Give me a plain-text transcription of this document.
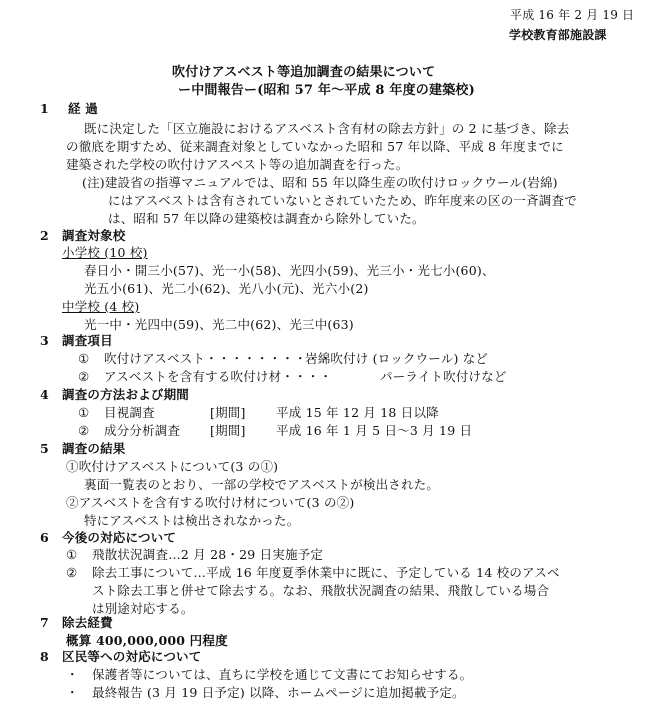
平成 16 年 2 月 19 日
学校教育部施設課
吹付けアスベスト等追加調査の結果について
ー中間報告ー(昭和 57 年～平成 8 年度の建築校)
1 経 過
既に決定した「区立施設におけるアスベスト含有材の除去方針」の 2 に基づき、除去
の徹底を期すため、従来調査対象としていなかった昭和 57 年以降、平成 8 年度までに
建築された学校の吹付けアスベスト等の追加調査を行った。
(注)建設省の指導マニュアルでは、昭和 55 年以降生産の吹付けロックウール(岩綿)
にはアスベストは含有されていないとされていたため、昨年度来の区の一斉調査で
は、昭和 57 年以降の建築校は調査から除外していた。
2 調査対象校
小学校 (10 校)
春日小・開三小(57)、光一小(58)、光四小(59)、光三小・光七小(60)、
光五小(61)、光二小(62)、光八小(元)、光六小(2)
中学校 (4 校)
光一中・光四中(59)、光二中(62)、光三中(63)
3 調査項目
① 吹付けアスベスト・・・・・・・・・・
岩綿吹付け (ロックウール) など
② アスベストを含有する吹付け材・・・・	パーライト吹付けなど
4 調査の方法および期間
① 目視調査	[期間] 平成 15 年 12 月 18 日以降
② 成分分析調査 [期間] 平成 16 年 1 月 5 日～3 月 19 日
5 調査の結果
①吹付けアスベストについて(3 の①)
裏面一覧表のとおり、一部の学校でアスベストが検出された。
②アスベストを含有する吹付け材について(3 の②)
特にアスベストは検出されなかった。
6 今後の対応について
① 飛散状況調査…2 月 28・29 日実施予定
② 除去工事について…平成 16 年度夏季休業中に既に、予定している 14 校のアスベ
スト除去工事と併せて除去する。なお、飛散状況調査の結果、飛散している場合
は別途対応する。
7 除去経費
概算 400,000,000 円程度
8 区民等への対応について
・ 保護者等については、直ちに学校を通じて文書にてお知らせする。
・ 最終報告 (3 月 19 日予定) 以降、ホームページに追加掲載予定。
